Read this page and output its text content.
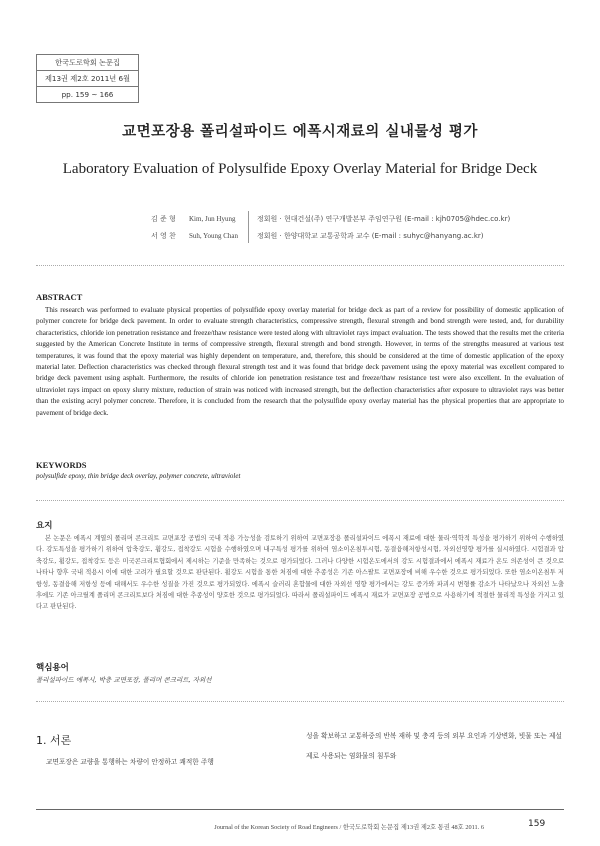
한국도로학회 논문집
제13권 제2호 2011년 6월
pp. 159 ~ 166
교면포장용 폴리설파이드 에폭시재료의 실내물성 평가
Laboratory Evaluation of Polysulfide Epoxy Overlay Material for Bridge Deck
김 준 형 Kim, Jun Hyung	정회원 · 현대건설(주) 연구개발본부 주임연구원 (E-mail : kjh0705@hdec.co.kr)
서 영 찬 Suh, Young Chan	정회원 · 한양대학교 교통공학과 교수 (E-mail : suhyc@hanyang.ac.kr)
ABSTRACT

This research was performed to evaluate physical properties of polysulfide epoxy overlay material for bridge deck as part of a review for possibility of domestic application of polymer concrete for bridge deck pavement. In order to evaluate strength characteristics, compressive strength, flexural strength and bond strength were tested, and, for durability characteristics, chloride ion penetration resistance and freeze/thaw resistance were tested along with ultraviolet rays impact evaluation. The tests showed that the results met the criteria suggested by the American Concrete Institute in terms of compressive strength, flexural strength and bond strength. However, in terms of the strengths measured at various test temperatures, it was found that the epoxy material was highly dependent on temperature, and, therefore, this should be considered at the time of domestic application of the epoxy material later. Deflection characteristics was checked through flexural strength test and it was found that bridge deck pavement using the epoxy material was excellent compared to bridge deck pavement using asphalt. Furthermore, the results of chloride ion penetration resistance test and freeze/thaw resistance test were also excellent. In the evaluation of ultraviolet rays impact on epoxy slurry mixture, reduction of strain was noticed with increased strength, but the deflection characteristics after exposure to ultraviolet rays was better than the existing acryl polymer concrete. Therefore, it is concluded from the research that the polysulfide epoxy overlay material has the physical properties that are appropriate to pavement of bridge deck.

KEYWORDS
polysulfide epoxy, thin bridge deck overlay, polymer concrete, ultraviolet
요지

본 논문은 에폭시 계열의 폴리머 콘크리트 교면포장 공법의 국내 적용 가능성을 검토하기 위하여 교면포장용 폴리설파이드 에폭시 재료에 대한 물리·역학적 특성을 평가하기 위하여 수행하였다. 강도특성을 평가하기 위하여 압축강도, 휨강도, 접착강도 시험을 수행하였으며 내구특성 평가를 위하여 염소이온침투시험, 동결융해저항성시험, 자외선영향 평가를 실시하였다. 시험결과 압축강도, 휨강도, 접착강도 등은 미국콘크리트협회에서 제시하는 기준을 만족하는 것으로 평가되었다. 그러나 다양한 시험온도에서의 강도 시험결과에서 에폭시 재료가 온도 의존성이 큰 것으로 나타나 향후 국내 적용시 이에 대한 고려가 필요할 것으로 판단된다. 휨강도 시험을 통한 처짐에 대한 추종성은 기존 아스팔트 교면포장에 비해 우수한 것으로 평가되었다. 또한 염소이온침투 저항성, 동결융해 저항성 등에 대해서도 우수한 성질을 가진 것으로 평가되었다. 에폭시 슬러리 혼합물에 대한 자외선 영향 평가에서는 강도 증가와 파괴시 변형률 감소가 나타났으나 자외선 노출 후에도 기존 아크릴계 폴리머 콘크리트보다 처짐에 대한 추종성이 양호한 것으로 평가되었다. 따라서 폴리설파이드 에폭시 재료가 교면포장 공법으로 사용하기에 적절한 물리적 특성을 가지고 있다고 판단된다.

핵심용어
폴리설파이드 에폭시, 박층 교면포장, 폴리머 콘크리트, 자외선
1. 서론

교면포장은 교량을 통행하는 차량이 안정하고 쾌적한 주행

성을 확보하고 교통하중의 반복 재하 및 충격 등의 외부 요인과 기상변화, 빗물 또는 제설제로 사용되는 염화물의 침투와

Journal of the Korean Society of Road Engineers / 한국도로학회 논문집 제13권 제2호 통권 48호 2011. 6	159
